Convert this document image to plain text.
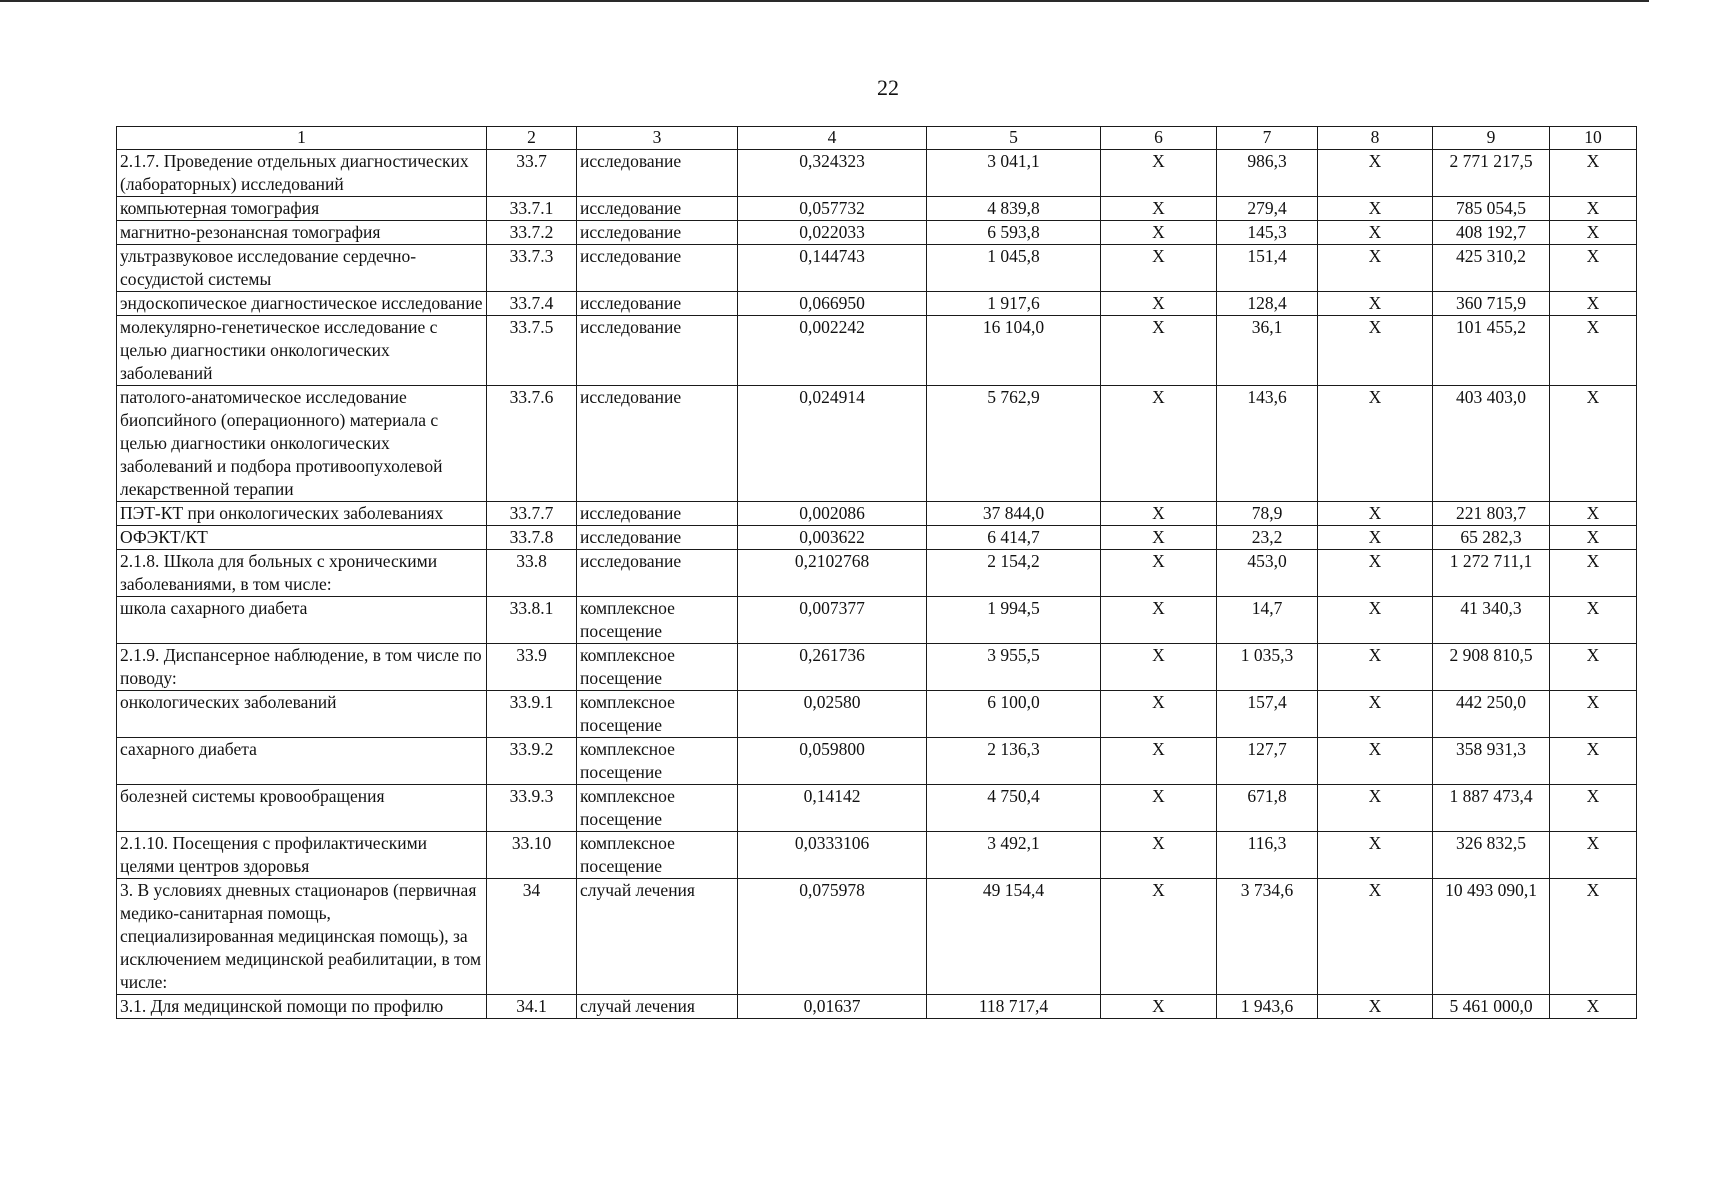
22
1	2	3	4	5	6	7	8	9	10
2.1.7. Проведение отдельных диагностических (лабораторных) исследований	33.7	исследование	0,324323	3 041,1	X	986,3	X	2 771 217,5	X
компьютерная томография	33.7.1	исследование	0,057732	4 839,8	X	279,4	X	785 054,5	X
магнитно-резонансная томография	33.7.2	исследование	0,022033	6 593,8	X	145,3	X	408 192,7	X
ультразвуковое исследование сердечно-сосудистой системы	33.7.3	исследование	0,144743	1 045,8	X	151,4	X	425 310,2	X
эндоскопическое диагностическое исследование	33.7.4	исследование	0,066950	1 917,6	X	128,4	X	360 715,9	X
молекулярно-генетическое исследование с целью диагностики онкологических заболеваний	33.7.5	исследование	0,002242	16 104,0	X	36,1	X	101 455,2	X
патолого-анатомическое исследование биопсийного (операционного) материала с целью диагностики онкологических заболеваний и подбора противоопухолевой лекарственной терапии	33.7.6	исследование	0,024914	5 762,9	X	143,6	X	403 403,0	X
ПЭТ-КТ при онкологических заболеваниях	33.7.7	исследование	0,002086	37 844,0	X	78,9	X	221 803,7	X
ОФЭКТ/КТ	33.7.8	исследование	0,003622	6 414,7	X	23,2	X	65 282,3	X
2.1.8. Школа для больных с хроническими заболеваниями, в том числе:	33.8	исследование	0,2102768	2 154,2	X	453,0	X	1 272 711,1	X
школа сахарного диабета	33.8.1	комплексное посещение	0,007377	1 994,5	X	14,7	X	41 340,3	X
2.1.9. Диспансерное наблюдение, в том числе по поводу:	33.9	комплексное посещение	0,261736	3 955,5	X	1 035,3	X	2 908 810,5	X
онкологических заболеваний	33.9.1	комплексное посещение	0,02580	6 100,0	X	157,4	X	442 250,0	X
сахарного диабета	33.9.2	комплексное посещение	0,059800	2 136,3	X	127,7	X	358 931,3	X
болезней системы кровообращения	33.9.3	комплексное посещение	0,14142	4 750,4	X	671,8	X	1 887 473,4	X
2.1.10. Посещения с профилактическими целями центров здоровья	33.10	комплексное посещение	0,0333106	3 492,1	X	116,3	X	326 832,5	X
3. В условиях дневных стационаров (первичная медико-санитарная помощь, специализированная медицинская помощь), за исключением медицинской реабилитации, в том числе:	34	случай лечения	0,075978	49 154,4	X	3 734,6	X	10 493 090,1	X
3.1. Для медицинской помощи по профилю	34.1	случай лечения	0,01637	118 717,4	X	1 943,6	X	5 461 000,0	X
